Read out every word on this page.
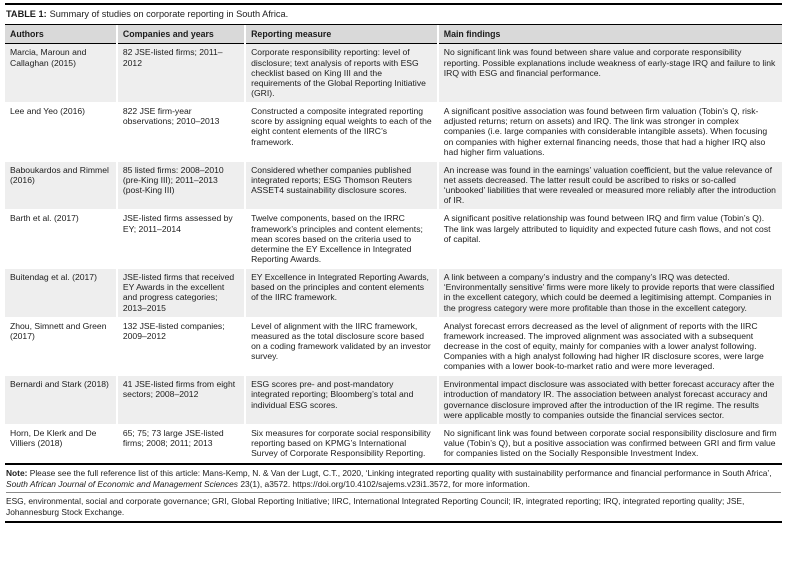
TABLE 1: Summary of studies on corporate reporting in South Africa.
Authors	Companies and years	Reporting measure	Main findings
Marcia, Maroun and Callaghan (2015)	82 JSE-listed firms; 2011–2012	Corporate responsibility reporting: level of disclosure; text analysis of reports with ESG checklist based on King III and the requirements of the Global Reporting Initiative (GRI).	No significant link was found between share value and corporate responsibility reporting. Possible explanations include weakness of early-stage IRQ and failure to link IRQ with ESG and financial performance.
Lee and Yeo (2016)	822 JSE firm-year observations; 2010–2013	Constructed a composite integrated reporting score by assigning equal weights to each of the eight content elements of the IIRC’s framework.	A significant positive association was found between firm valuation (Tobin’s Q, risk-adjusted returns; return on assets) and IRQ. The link was stronger in complex companies (i.e. large companies with considerable intangible assets). When focusing on companies with higher external financing needs, those that had a higher IRQ also had higher firm valuations.
Baboukardos and Rimmel (2016)	85 listed firms: 2008–2010 (pre-King III); 2011–2013 (post-King III)	Considered whether companies published integrated reports; ESG Thomson Reuters ASSET4 sustainability disclosure scores.	An increase was found in the earnings’ valuation coefficient, but the value relevance of net assets decreased. The latter result could be ascribed to risks or so-called ‘unbooked’ liabilities that were revealed or measured more reliably after the introduction of IR.
Barth et al. (2017)	JSE-listed firms assessed by EY; 2011–2014	Twelve components, based on the IRRC framework’s principles and content elements; mean scores based on the criteria used to determine the EY Excellence in Integrated Reporting Awards.	A significant positive relationship was found between IRQ and firm value (Tobin’s Q). The link was largely attributed to liquidity and expected future cash flows, and not cost of capital.
Buitendag et al. (2017)	JSE-listed firms that received EY Awards in the excellent and progress categories; 2013–2015	EY Excellence in Integrated Reporting Awards, based on the principles and content elements of the IIRC framework.	A link between a company’s industry and the company’s IRQ was detected. ‘Environmentally sensitive’ firms were more likely to provide reports that were classified in the excellent category, which could be deemed a legitimising attempt. Companies in the progress category were more profitable than those in the excellent category.
Zhou, Simnett and Green (2017)	132 JSE-listed companies; 2009–2012	Level of alignment with the IIRC framework, measured as the total disclosure score based on a coding framework validated by an investor survey.	Analyst forecast errors decreased as the level of alignment of reports with the IIRC framework increased. The improved alignment was associated with a subsequent decrease in the cost of equity, mainly for companies with a lower analyst following. Companies with a high analyst following had higher IR disclosure scores, were large companies with a lower book-to-market ratio and were more leveraged.
Bernardi and Stark (2018)	41 JSE-listed firms from eight sectors; 2008–2012	ESG scores pre- and post-mandatory integrated reporting; Bloomberg’s total and individual ESG scores.	Environmental impact disclosure was associated with better forecast accuracy after the introduction of mandatory IR. The association between analyst forecast accuracy and governance disclosure improved after the introduction of the IR regime. The results were applicable mostly to companies outside the financial services sector.
Horn, De Klerk and De Villiers (2018)	65; 75; 73 large JSE-listed firms; 2008; 2011; 2013	Six measures for corporate social responsibility reporting based on KPMG’s International Survey of Corporate Responsibility Reporting.	No significant link was found between corporate social responsibility disclosure and firm value (Tobin’s Q), but a positive association was confirmed between GRI and firm value for companies listed on the Socially Responsible Investment Index.
Note: Please see the full reference list of this article: Mans-Kemp, N. & Van der Lugt, C.T., 2020, ‘Linking integrated reporting quality with sustainability performance and financial performance in South Africa’, South African Journal of Economic and Management Sciences 23(1), a3572. https://doi.org/10.4102/sajems.v23i1.3572, for more information.
ESG, environmental, social and corporate governance; GRI, Global Reporting Initiative; IIRC, International Integrated Reporting Council; IR, integrated reporting; IRQ, integrated reporting quality; JSE, Johannesburg Stock Exchange.
